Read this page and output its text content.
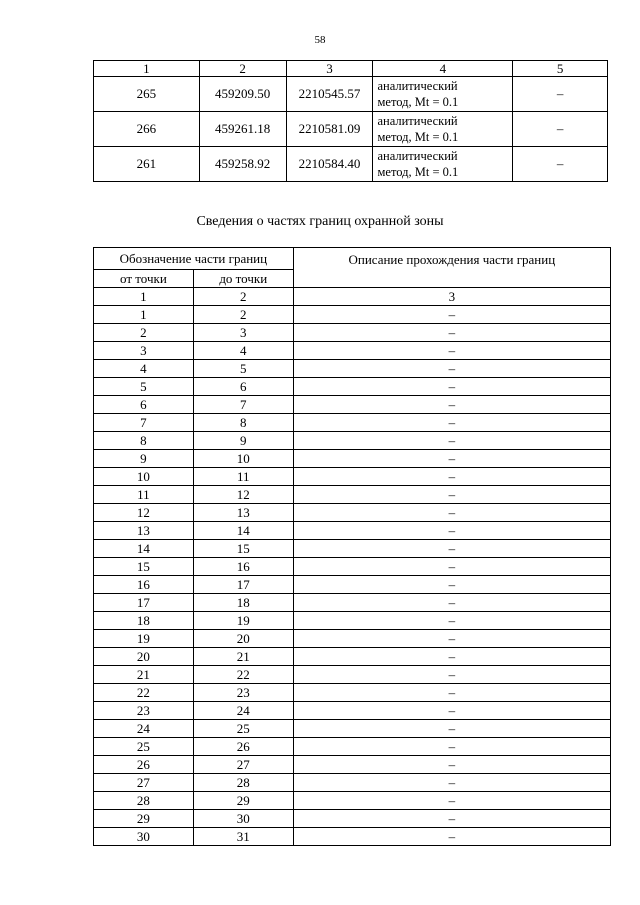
58
1	2	3	4	5
265	459209.50	2210545.57	аналитический
метод, Mt = 0.1	–
266	459261.18	2210581.09	аналитический
метод, Mt = 0.1	–
261	459258.92	2210584.40	аналитический
метод, Mt = 0.1	–
Сведения о частях границ охранной зоны
Обозначение части границ		Описание прохождения части границ
от точки	до точки	
1	2	3
1	2	–
2	3	–
3	4	–
4	5	–
5	6	–
6	7	–
7	8	–
8	9	–
9	10	–
10	11	–
11	12	–
12	13	–
13	14	–
14	15	–
15	16	–
16	17	–
17	18	–
18	19	–
19	20	–
20	21	–
21	22	–
22	23	–
23	24	–
24	25	–
25	26	–
26	27	–
27	28	–
28	29	–
29	30	–
30	31	–
